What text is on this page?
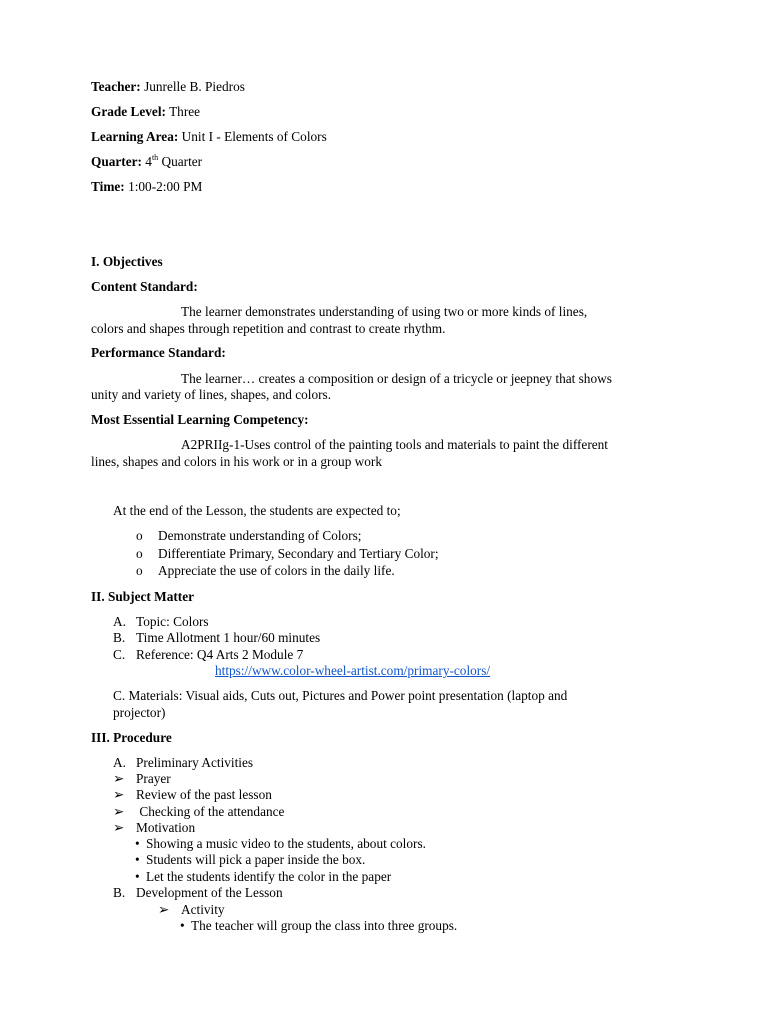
Teacher: Junrelle B. Piedros
Grade Level: Three
Learning Area: Unit I - Elements of Colors
Quarter: 4th Quarter
Time: 1:00-2:00 PM
I. Objectives
Content Standard:
The learner demonstrates understanding of using two or more kinds of lines,
colors and shapes through repetition and contrast to create rhythm.
Performance Standard:
The learner… creates a composition or design of a tricycle or jeepney that shows
unity and variety of lines, shapes, and colors.
Most Essential Learning Competency:
A2PRIIg-1-Uses control of the painting tools and materials to paint the different
lines, shapes and colors in his work or in a group work
At the end of the Lesson, the students are expected to;
o Demonstrate understanding of Colors;
o Differentiate Primary, Secondary and Tertiary Color;
o Appreciate the use of colors in the daily life.
II. Subject Matter
A. Topic: Colors
B. Time Allotment 1 hour/60 minutes
C. Reference: Q4 Arts 2 Module 7
https://www.color-wheel-artist.com/primary-colors/
C. Materials: Visual aids, Cuts out, Pictures and Power point presentation (laptop and
projector)
III. Procedure
A. Preliminary Activities
➢ Prayer
➢ Review of the past lesson
➢ Checking of the attendance
➢ Motivation
• Showing a music video to the students, about colors.
• Students will pick a paper inside the box.
• Let the students identify the color in the paper
B. Development of the Lesson
➢ Activity
• The teacher will group the class into three groups.
